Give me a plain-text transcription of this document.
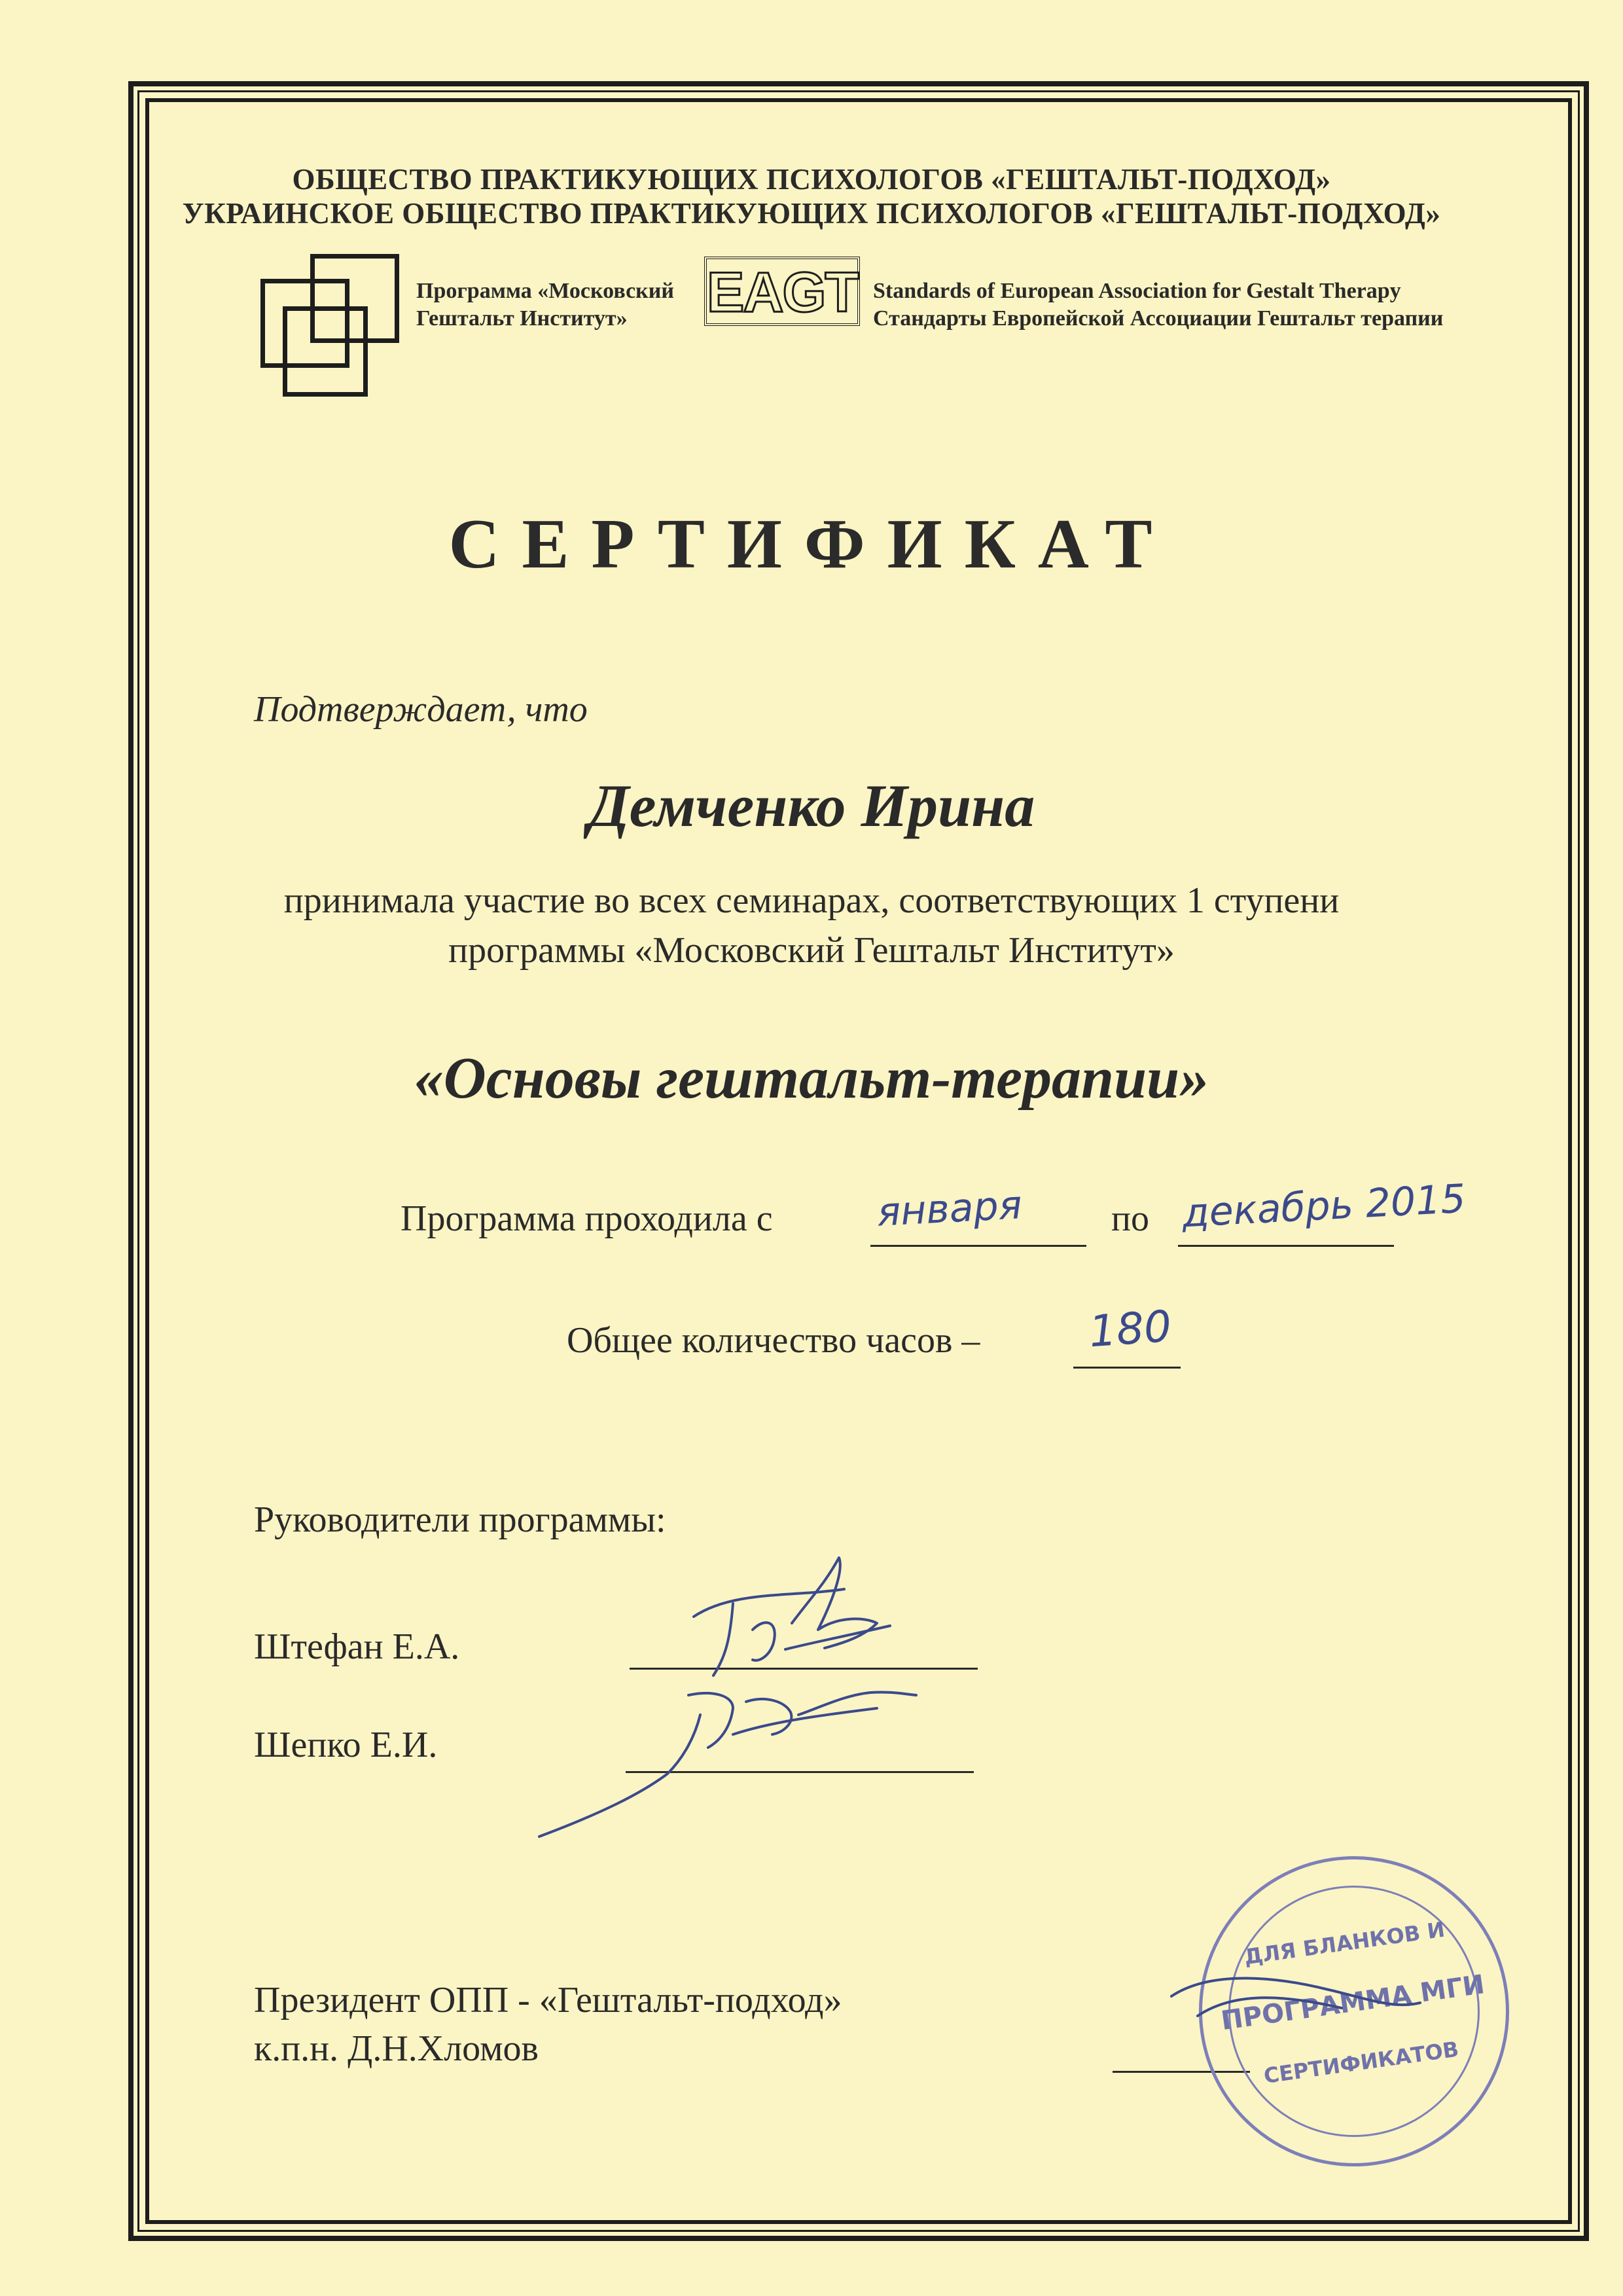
ОБЩЕСТВО ПРАКТИКУЮЩИХ ПСИХОЛОГОВ «ГЕШТАЛЬТ-ПОДХОД»
УКРАИНСКОЕ ОБЩЕСТВО ПРАКТИКУЮЩИХ ПСИХОЛОГОВ «ГЕШТАЛЬТ-ПОДХОД»
Программа «Московский
Гештальт Институт»	EAGT Standards of European Association for Gestalt Therapy
Стандарты Европейской Ассоциации Гештальт терапии
СЕРТИФИКАТ
Подтверждает, что
Демченко Ирина
принимала участие во всех семинарах, соответствующих 1 ступени
программы «Московский Гештальт Институт»
«Основы гештальт-терапии»
Программа проходила с	января по декабрь 2015
Общее количество часов – 180
Руководители программы:
Штефан Е.А.
Шепко Е.И.
Президент ОПП - «Гештальт-подход»
к.п.н. Д.Н.Хломов
ДЛЯ БЛАНКОВ И
ПРОГРАММА МГИ
СЕРТИФИКАТОВ
